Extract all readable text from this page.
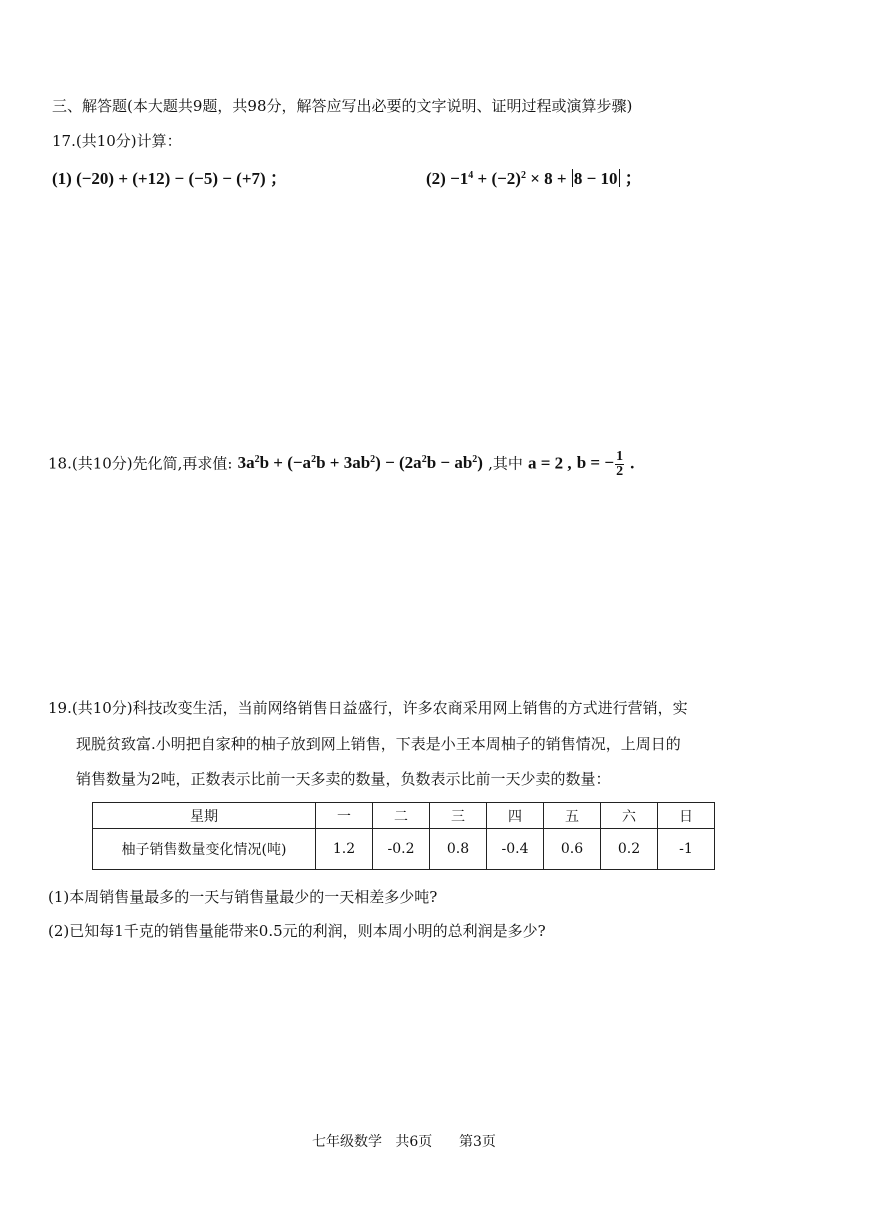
三、解答题(本大题共9题，共98分，解答应写出必要的文字说明、证明过程或演算步骤)
17.(共10分)计算：
(1) (−20) + (+12) − (−5) − (+7) ；	$(2) -1^4 + (-2)^2 \times 8 + 8 - 10$ ；
18.(共10分)先化简,再求值: $3a^2b + (-a^2b + 3ab^2) - (2a^2b - ab^2)$ ,其中 a = 2 , b = − $\frac{1}{2}$ .
19.(共10分)科技改变生活，当前网络销售日益盛行，许多农商采用网上销售的方式进行营销，实
现脱贫致富.小明把自家种的柚子放到网上销售，下表是小王本周柚子的销售情况，上周日的
销售数量为2吨，正数表示比前一天多卖的数量，负数表示比前一天少卖的数量：
星期	一	二	三	四	五	六	日
柚子销售数量变化情况(吨)	1.2	-0.2	0.8	-0.4	0.6	0.2	-1
(1)本周销售量最多的一天与销售量最少的一天相差多少吨?
(2)已知每1千克的销售量能带来0.5元的利润，则本周小明的总利润是多少?
七年级数学   共6页      第3页
